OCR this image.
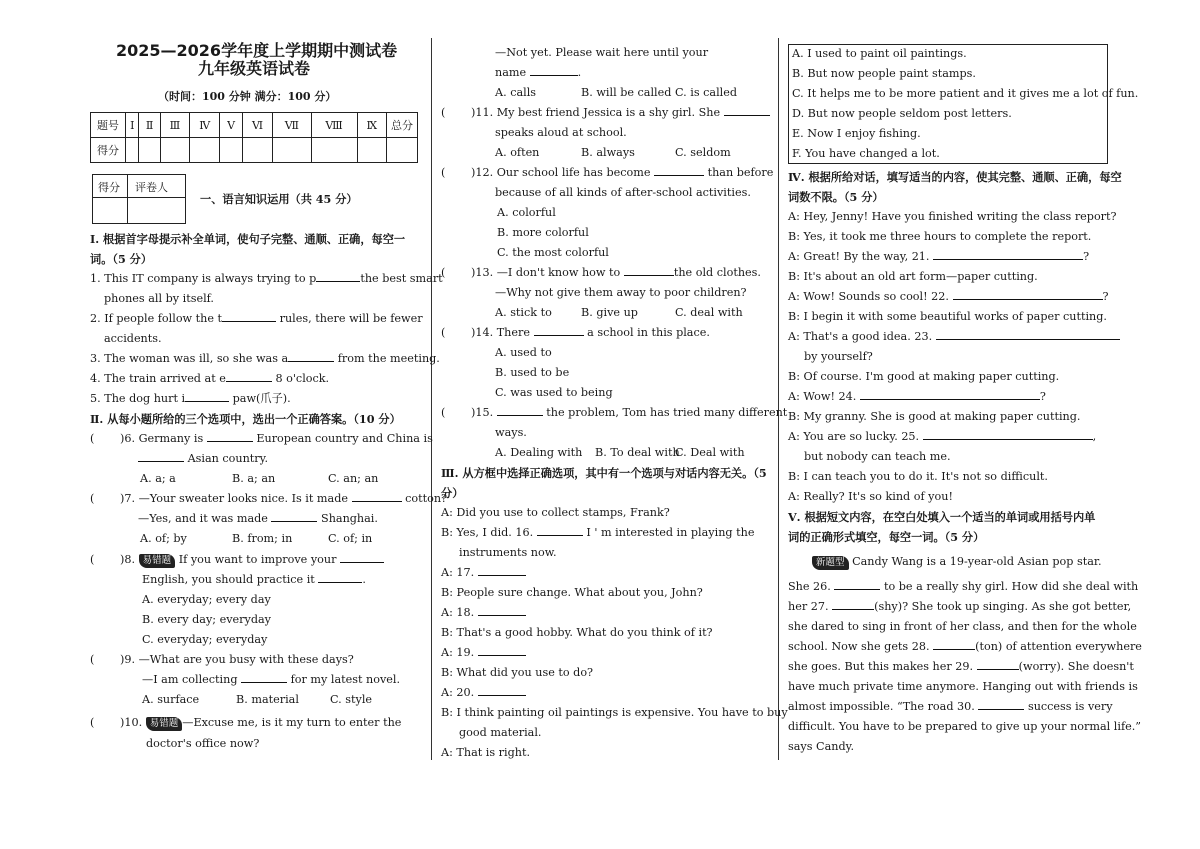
2025—2026学年度上学期期中测试卷
九年级英语试卷
（时间：100 分钟 满分：100 分）
题号	Ⅰ	Ⅱ	Ⅲ	Ⅳ	Ⅴ	Ⅵ	Ⅶ	Ⅷ	Ⅸ	总分
得分										
得分 评卷人
一、语言知识运用（共 45 分）
Ⅰ. 根据首字母提示补全单词，使句子完整、通顺、正确，每空一
词。（5 分）
1. This IT company is always trying to p	the best smart
phones all by itself.
2. If people follow the t	rules, there will be fewer
accidents.
3. The woman was ill, so she was a	from the meeting.
4. The train arrived at e	8 o'clock.
5. The dog hurt i	paw(爪子).
Ⅱ. 从每小题所给的三个选项中，选出一个正确答案。（10 分）
( )6. Germany is	European country and China is
Asian country.
A. a; a	B. a; an	C. an; an
( )7. —Your sweater looks nice. Is it made	cotton?
—Yes, and it was made	Shanghai.
A. of; by	B. from; in	C. of; in
( )8. 易错题 If you want to improve your
English, you should practice it	.
A. everyday; every day
B. every day; everyday
C. everyday; everyday
( )9. —What are you busy with these days?
—I am collecting	for my latest novel.
A. surface	B. material	C. style
( )10. 易错题 —Excuse me, is it my turn to enter the
doctor's office now?
—Not yet. Please wait here until your
name	.
A. calls	B. will be called C. is called
( )11. My best friend Jessica is a shy girl. She
speaks aloud at school.
A. often	B. always	C. seldom
( )12. Our school life has become	than before
because of all kinds of after-school activities.
A. colorful
B. more colorful
C. the most colorful
( )13. —I don't know how to	the old clothes.
—Why not give them away to poor children?
A. stick to	B. give up	C. deal with
( )14. There	a school in this place.
A. used to
B. used to be
C. was used to being
( )15.	the problem, Tom has tried many different
ways.
A. Dealing with B. To deal with
C. Deal with
Ⅲ. 从方框中选择正确选项，其中有一个选项与对话内容无关。（5
分）
A: Did you use to collect stamps, Frank?
B: Yes, I did. 16.	I ' m interested in playing the
instruments now.
A: 17.
B: People sure change. What about you, John?
A: 18.
B: That's a good hobby. What do you think of it?
A: 19.
B: What did you use to do?
A: 20.
B: I think painting oil paintings is expensive. You have to buy
good material.
A: That is right.
A. I used to paint oil paintings.
B. But now people paint stamps.
C. It helps me to be more patient and it gives me a lot of fun.
D. But now people seldom post letters.
E. Now I enjoy fishing.
F. You have changed a lot.
Ⅳ. 根据所给对话，填写适当的内容，使其完整、通顺、正确，每空
词数不限。（5 分）
A: Hey, Jenny! Have you finished writing the class report?
B: Yes, it took me three hours to complete the report.
A: Great! By the way, 21.	?
B: It's about an old art form—paper cutting.
A: Wow! Sounds so cool! 22.	?
B: I begin it with some beautiful works of paper cutting.
A: That's a good idea. 23.
by yourself?
B: Of course. I'm good at making paper cutting.
A: Wow! 24.	?
B: My granny. She is good at making paper cutting.
A: You are so lucky. 25.	,
but nobody can teach me.
B: I can teach you to do it. It's not so difficult.
A: Really? It's so kind of you!
Ⅴ. 根据短文内容，在空白处填入一个适当的单词或用括号内单
词的正确形式填空，每空一词。（5 分）
新题型 Candy Wang is a 19-year-old Asian pop star.
She 26.	to be a really shy girl. How did she deal with
her 27.	(shy)? She took up singing. As she got better,
she dared to sing in front of her class, and then for the whole
school. Now she gets 28.	(ton) of attention everywhere
she goes. But this makes her 29.	(worry). She doesn't
have much private time anymore. Hanging out with friends is
almost impossible. “The road 30.	success is very
difficult. You have to be prepared to give up your normal life.”
says Candy.
